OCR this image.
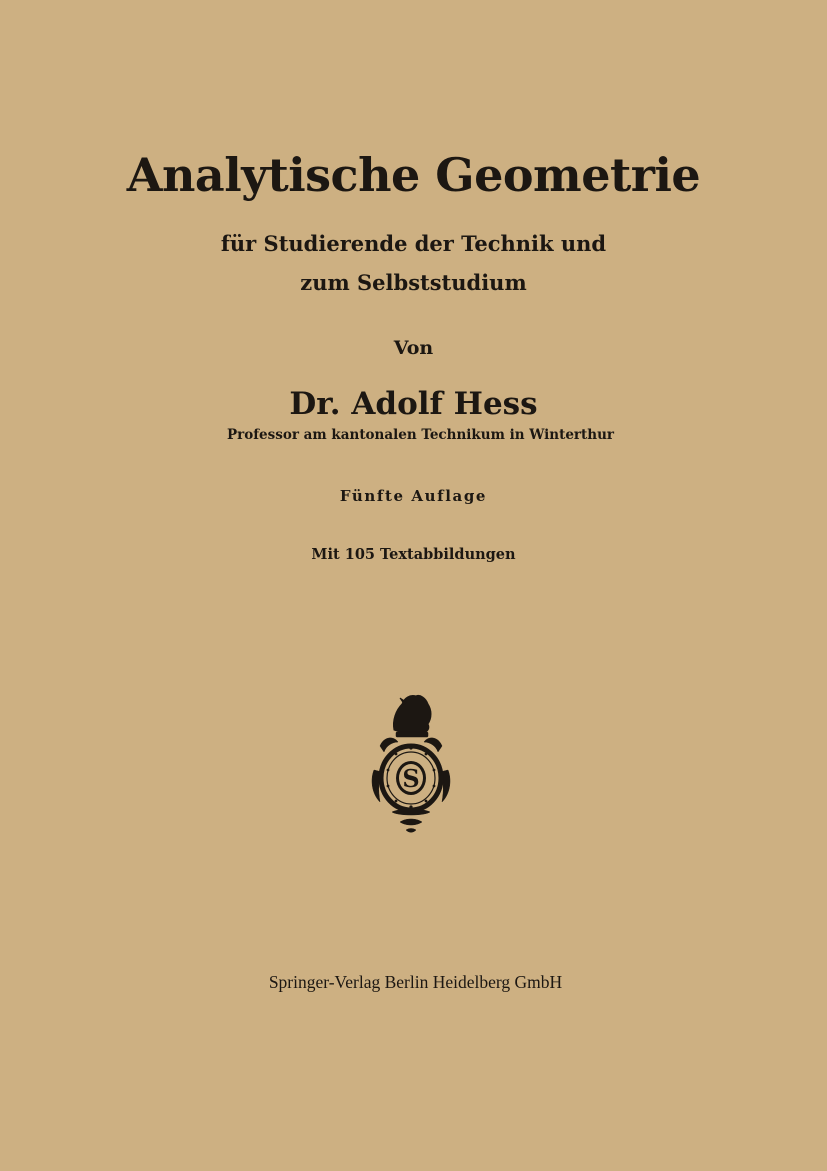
Analytische Geometrie

für Studierende der Technik und

zum Selbststudium

Von

Dr. Adolf Hess

Professor am kantonalen Technikum in Winterthur

Fünfte Auflage

Mit 105 Textabbildungen

S

Springer-Verlag Berlin Heidelberg GmbH
